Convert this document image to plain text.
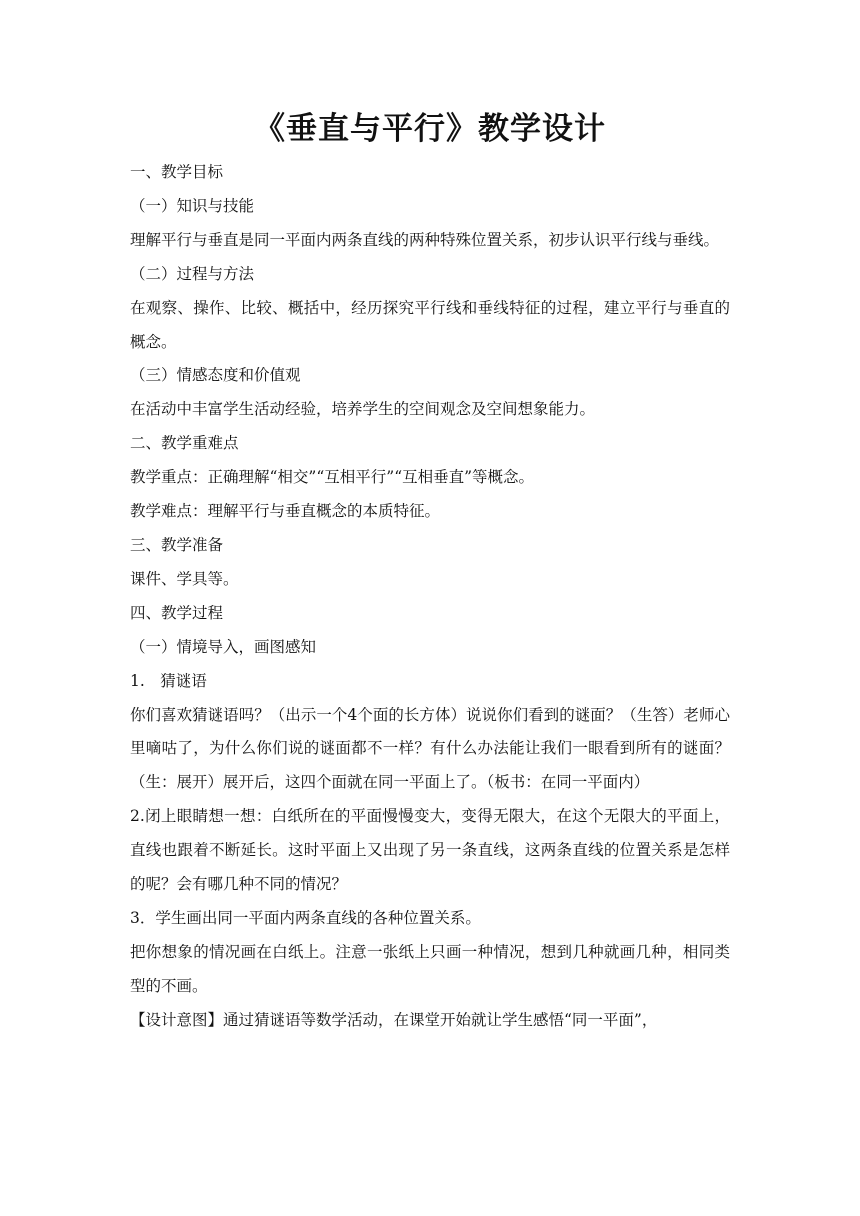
《垂直与平行》教学设计

一、教学目标

（一）知识与技能

理解平行与垂直是同一平面内两条直线的两种特殊位置关系，初步认识平行线与垂线。

（二）过程与方法

在观察、操作、比较、概括中，经历探究平行线和垂线特征的过程，建立平行与垂直的概念。

（三）情感态度和价值观

在活动中丰富学生活动经验，培养学生的空间观念及空间想象能力。

二、教学重难点

教学重点：正确理解“相交”“互相平行”“互相垂直”等概念。

教学难点：理解平行与垂直概念的本质特征。

三、教学准备

课件、学具等。

四、教学过程

（一）情境导入，画图感知

1.　猜谜语

你们喜欢猜谜语吗？（出示一个4个面的长方体）说说你们看到的谜面？（生答）老师心里嘀咕了，为什么你们说的谜面都不一样？有什么办法能让我们一眼看到所有的谜面？（生：展开）展开后，这四个面就在同一平面上了。（板书：在同一平面内）

2.闭上眼睛想一想：白纸所在的平面慢慢变大，变得无限大，在这个无限大的平面上，直线也跟着不断延长。这时平面上又出现了另一条直线，这两条直线的位置关系是怎样的呢？会有哪几种不同的情况？

3．学生画出同一平面内两条直线的各种位置关系。

把你想象的情况画在白纸上。注意一张纸上只画一种情况，想到几种就画几种，相同类型的不画。

【设计意图】通过猜谜语等数学活动，在课堂开始就让学生感悟“同一平面”，
